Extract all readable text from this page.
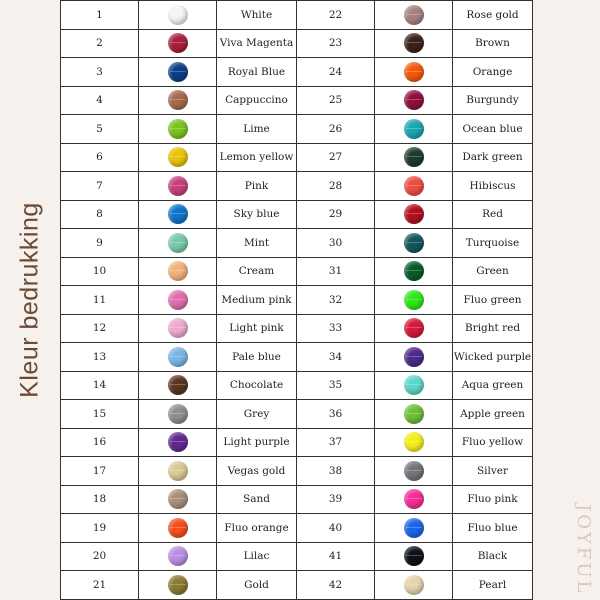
Kleur bedrukking
1		White	22		Rose gold
2		Viva Magenta	23		Brown
3		Royal Blue	24		Orange
4		Cappuccino	25		Burgundy
5		Lime	26		Ocean blue
6		Lemon yellow	27		Dark green
7		Pink	28		Hibiscus
8		Sky blue	29		Red
9		Mint	30		Turquoise
10		Cream	31		Green
11		Medium pink	32		Fluo green
12		Light pink	33		Bright red
13		Pale blue	34		Wicked purple
14		Chocolate	35		Aqua green
15		Grey	36		Apple green
16		Light purple	37		Fluo yellow
17		Vegas gold	38		Silver
18		Sand	39		Fluo pink
19		Fluo orange	40		Fluo blue
20		Lilac	41		Black
21		Gold	42		Pearl	JOYFUL
